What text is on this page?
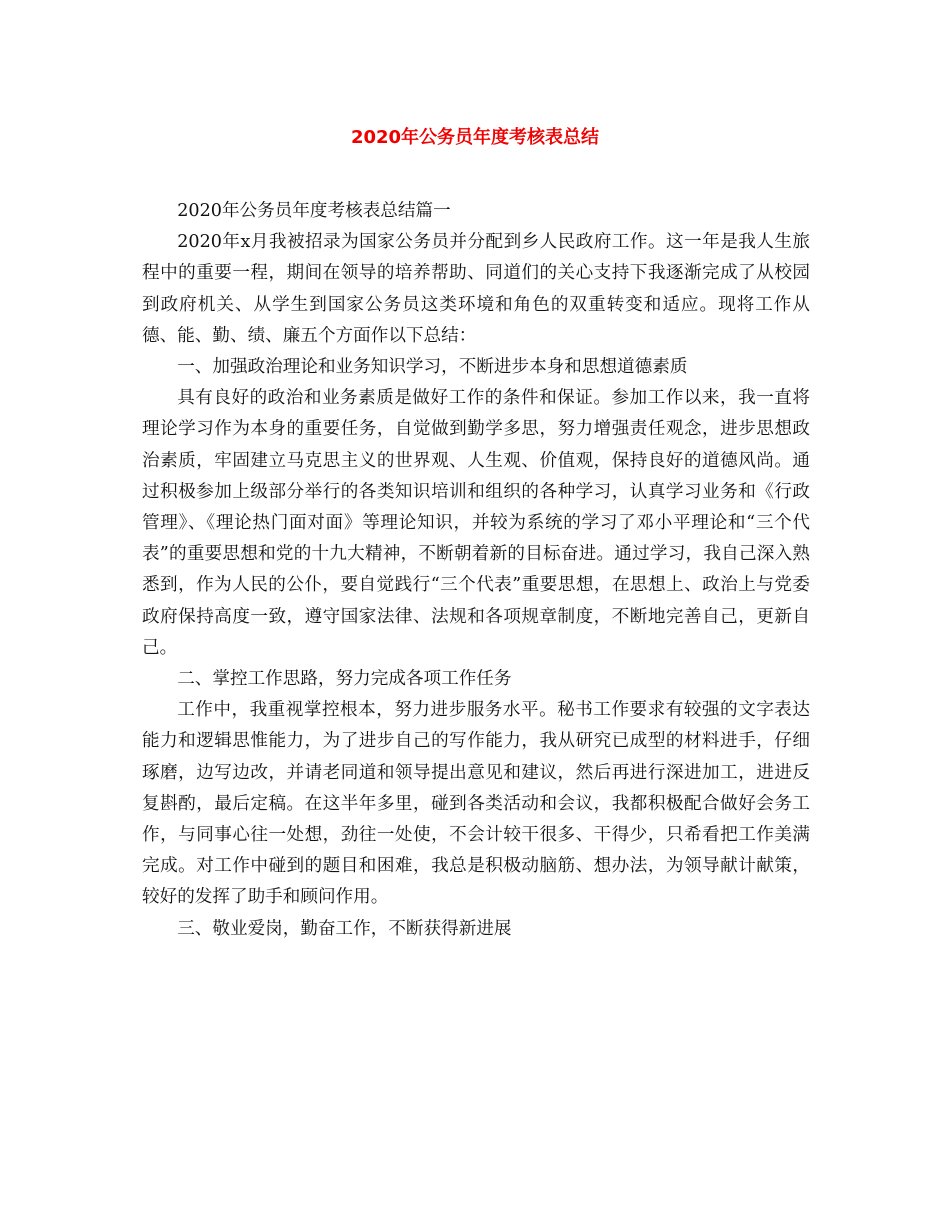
2020年公务员年度考核表总结

2020年公务员年度考核表总结篇一

2020年x月我被招录为国家公务员并分配到乡人民政府工作。这一年是我人生旅程中的重要一程，期间在领导的培养帮助、同道们的关心支持下我逐渐完成了从校园到政府机关、从学生到国家公务员这类环境和角色的双重转变和适应。现将工作从德、能、勤、绩、廉五个方面作以下总结：

一、加强政治理论和业务知识学习，不断进步本身和思想道德素质

具有良好的政治和业务素质是做好工作的条件和保证。参加工作以来，我一直将理论学习作为本身的重要任务，自觉做到勤学多思，努力增强责任观念，进步思想政治素质，牢固建立马克思主义的世界观、人生观、价值观，保持良好的道德风尚。通过积极参加上级部分举行的各类知识培训和组织的各种学习，认真学习业务和《行政管理》、《理论热门面对面》等理论知识，并较为系统的学习了邓小平理论和“三个代表”的重要思想和党的十九大精神，不断朝着新的目标奋进。通过学习，我自己深入熟悉到，作为人民的公仆，要自觉践行“三个代表”重要思想，在思想上、政治上与党委政府保持高度一致，遵守国家法律、法规和各项规章制度，不断地完善自己，更新自己。

二、掌控工作思路，努力完成各项工作任务

工作中，我重视掌控根本，努力进步服务水平。秘书工作要求有较强的文字表达能力和逻辑思惟能力，为了进步自己的写作能力，我从研究已成型的材料进手，仔细琢磨，边写边改，并请老同道和领导提出意见和建议，然后再进行深进加工，进进反复斟酌，最后定稿。在这半年多里，碰到各类活动和会议，我都积极配合做好会务工作，与同事心往一处想，劲往一处使，不会计较干很多、干得少，只希看把工作美满完成。对工作中碰到的题目和困难，我总是积极动脑筋、想办法，为领导献计献策，较好的发挥了助手和顾问作用。

三、敬业爱岗，勤奋工作，不断获得新进展
